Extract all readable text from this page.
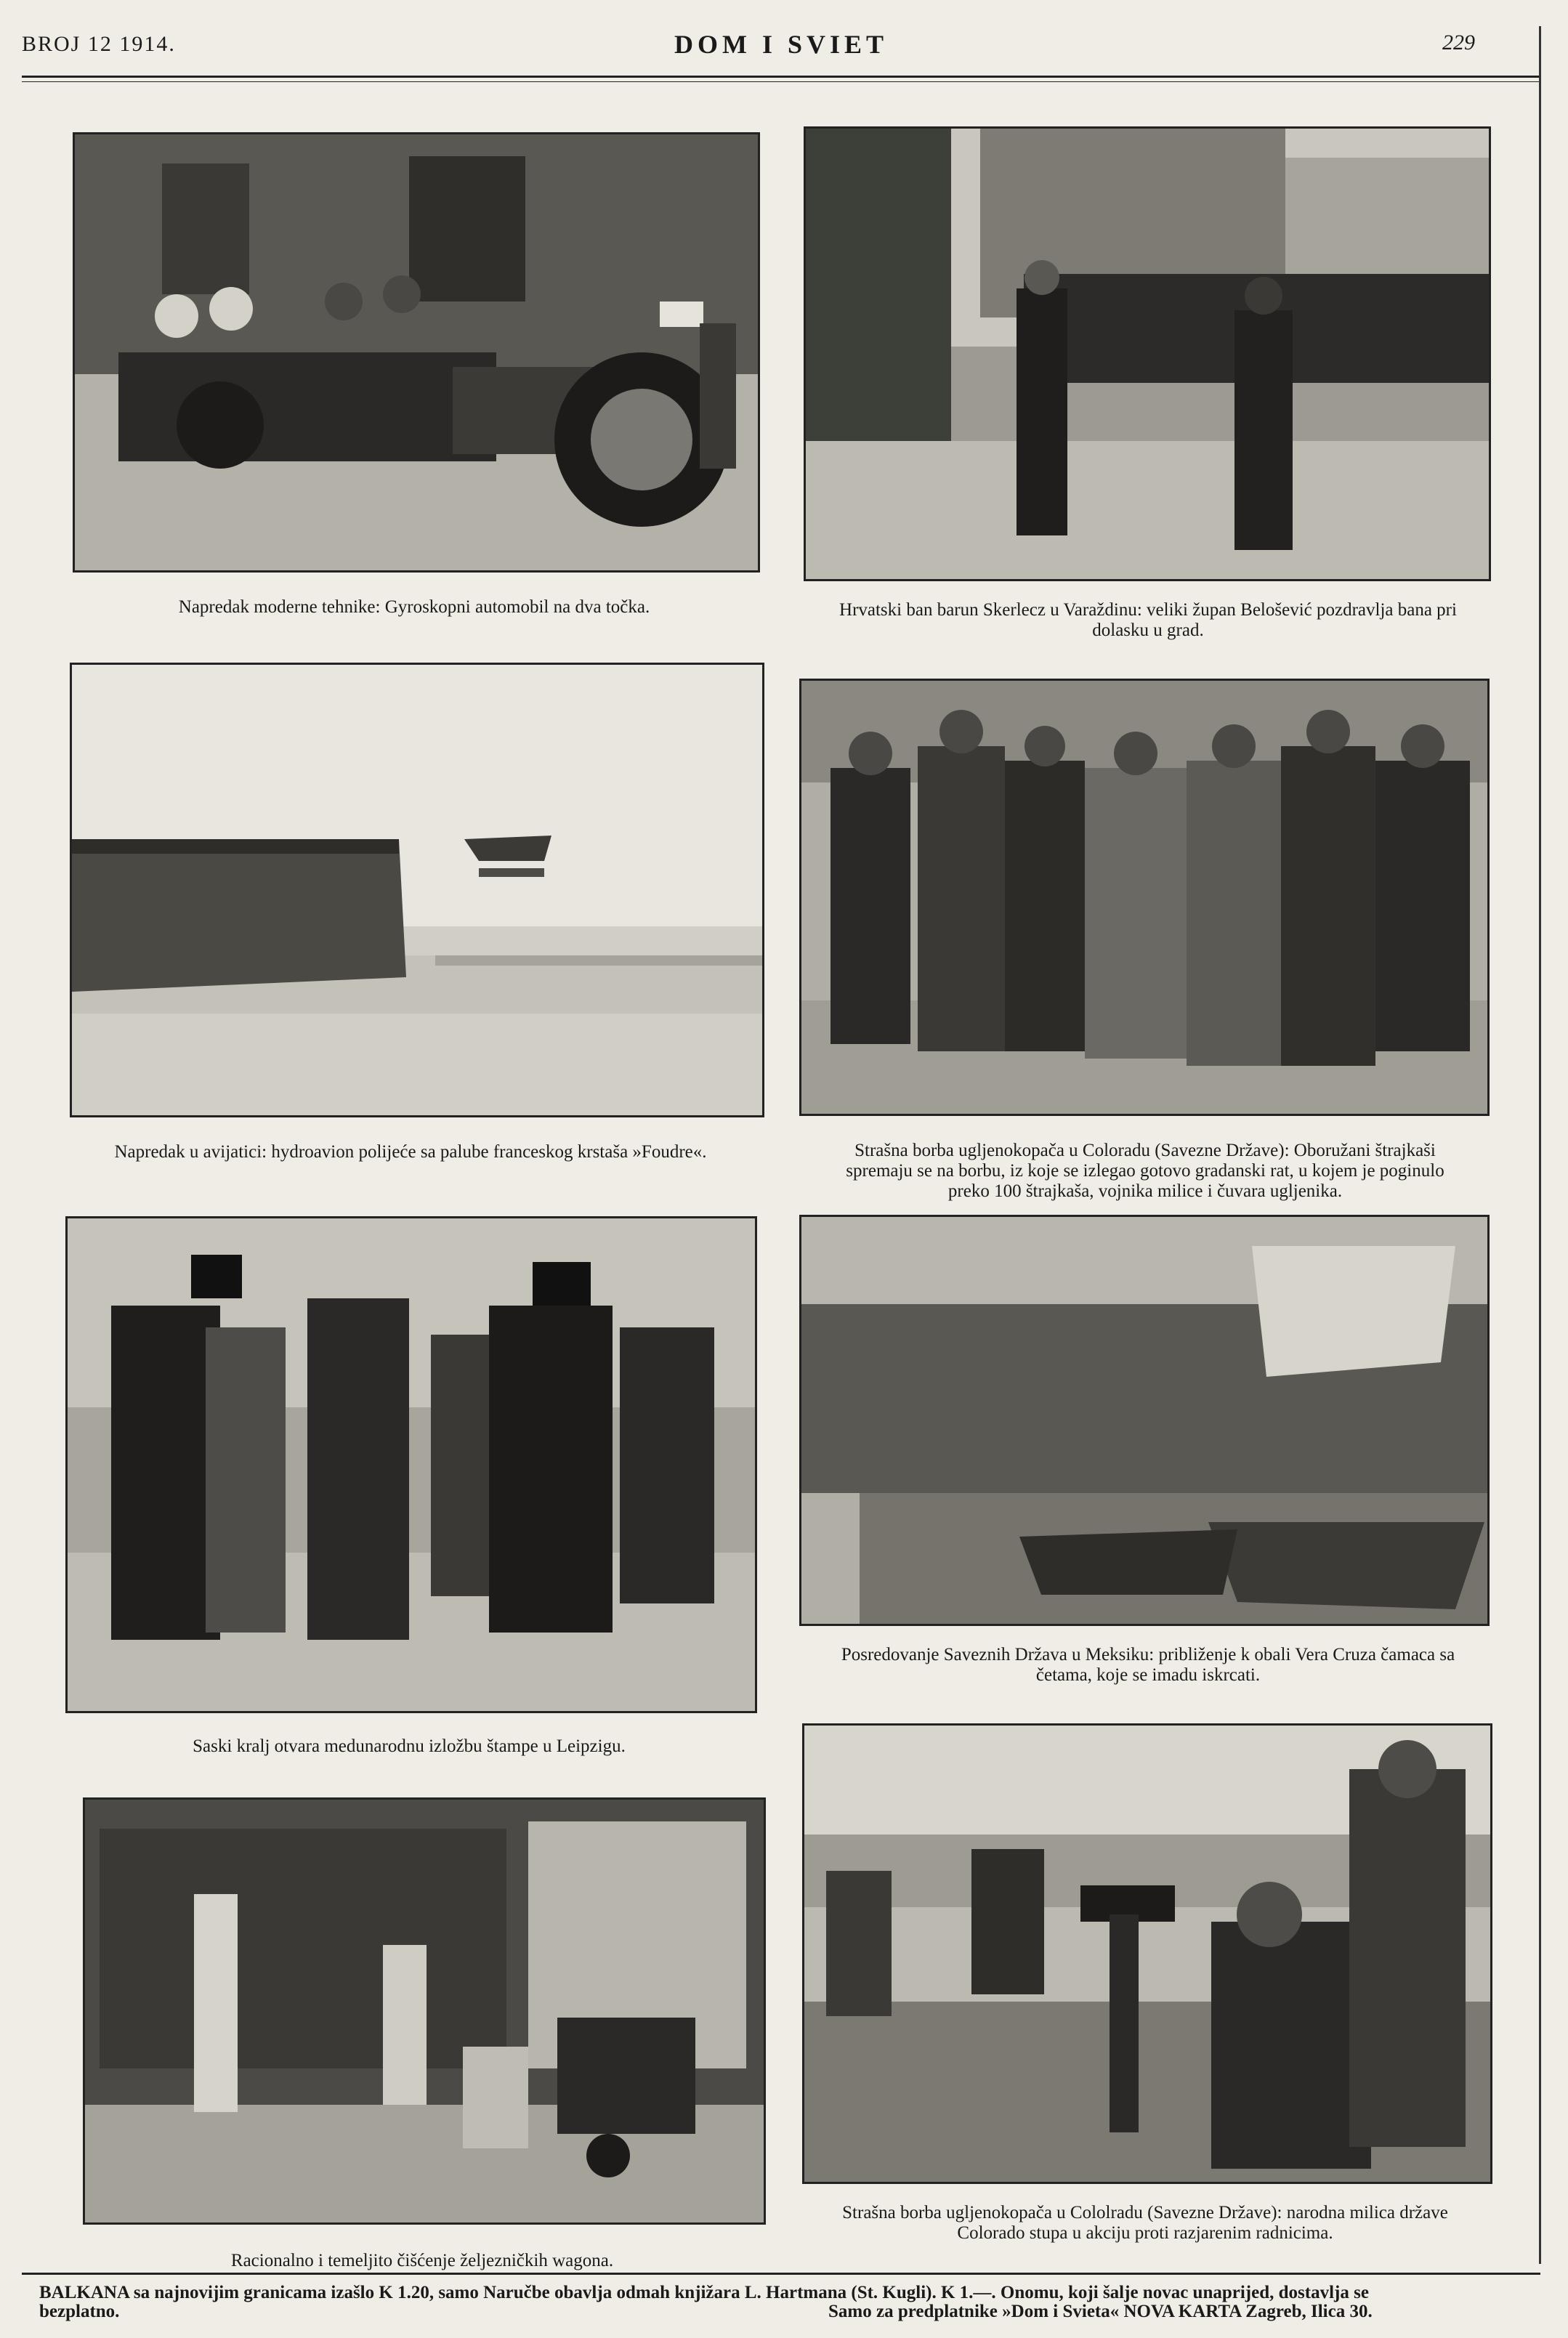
BROJ 12 1914.	DOM I SVIET	229
Napredak moderne tehnike: Gyroskopni automobil na dva točka.	Hrvatski ban barun Skerlecz u Varaždinu: veliki župan Belošević pozdravlja bana pri dolasku u grad.
Napredak u avijatici: hydroavion polijeće sa palube franceskog krstaša »Foudre«.	Strašna borba ugljenokopača u Coloradu (Savezne Države): Oboružani štrajkaši spremaju se na borbu, iz koje se izlegao gotovo gradanski rat, u kojem je poginulo preko 100 štrajkaša, vojnika milice i čuvara ugljenika.
Saski kralj otvara medunarodnu izložbu štampe u Leipzigu.
Posredovanje Saveznih Država u Meksiku: približenje k obali Vera Cruza čamaca sa četama, koje se imadu iskrcati.
Racionalno i temeljito čišćenje željezničkih wagona.
Strašna borba ugljenokopača u Cololradu (Savezne Države): narodna milica države Colorado stupa u akciju proti razjarenim radnicima.
BALKANA sa najnovijim granicama izašlo K 1.20, samo Naručbe obavlja odmah knjižara L. Hartmana (St. Kugli). K 1.—. Onomu, koji šalje novac unaprijed, dostavlja se
bezplatno.	Samo za predplatnike »Dom i Svieta« NOVA KARTA Zagreb, Ilica 30.
